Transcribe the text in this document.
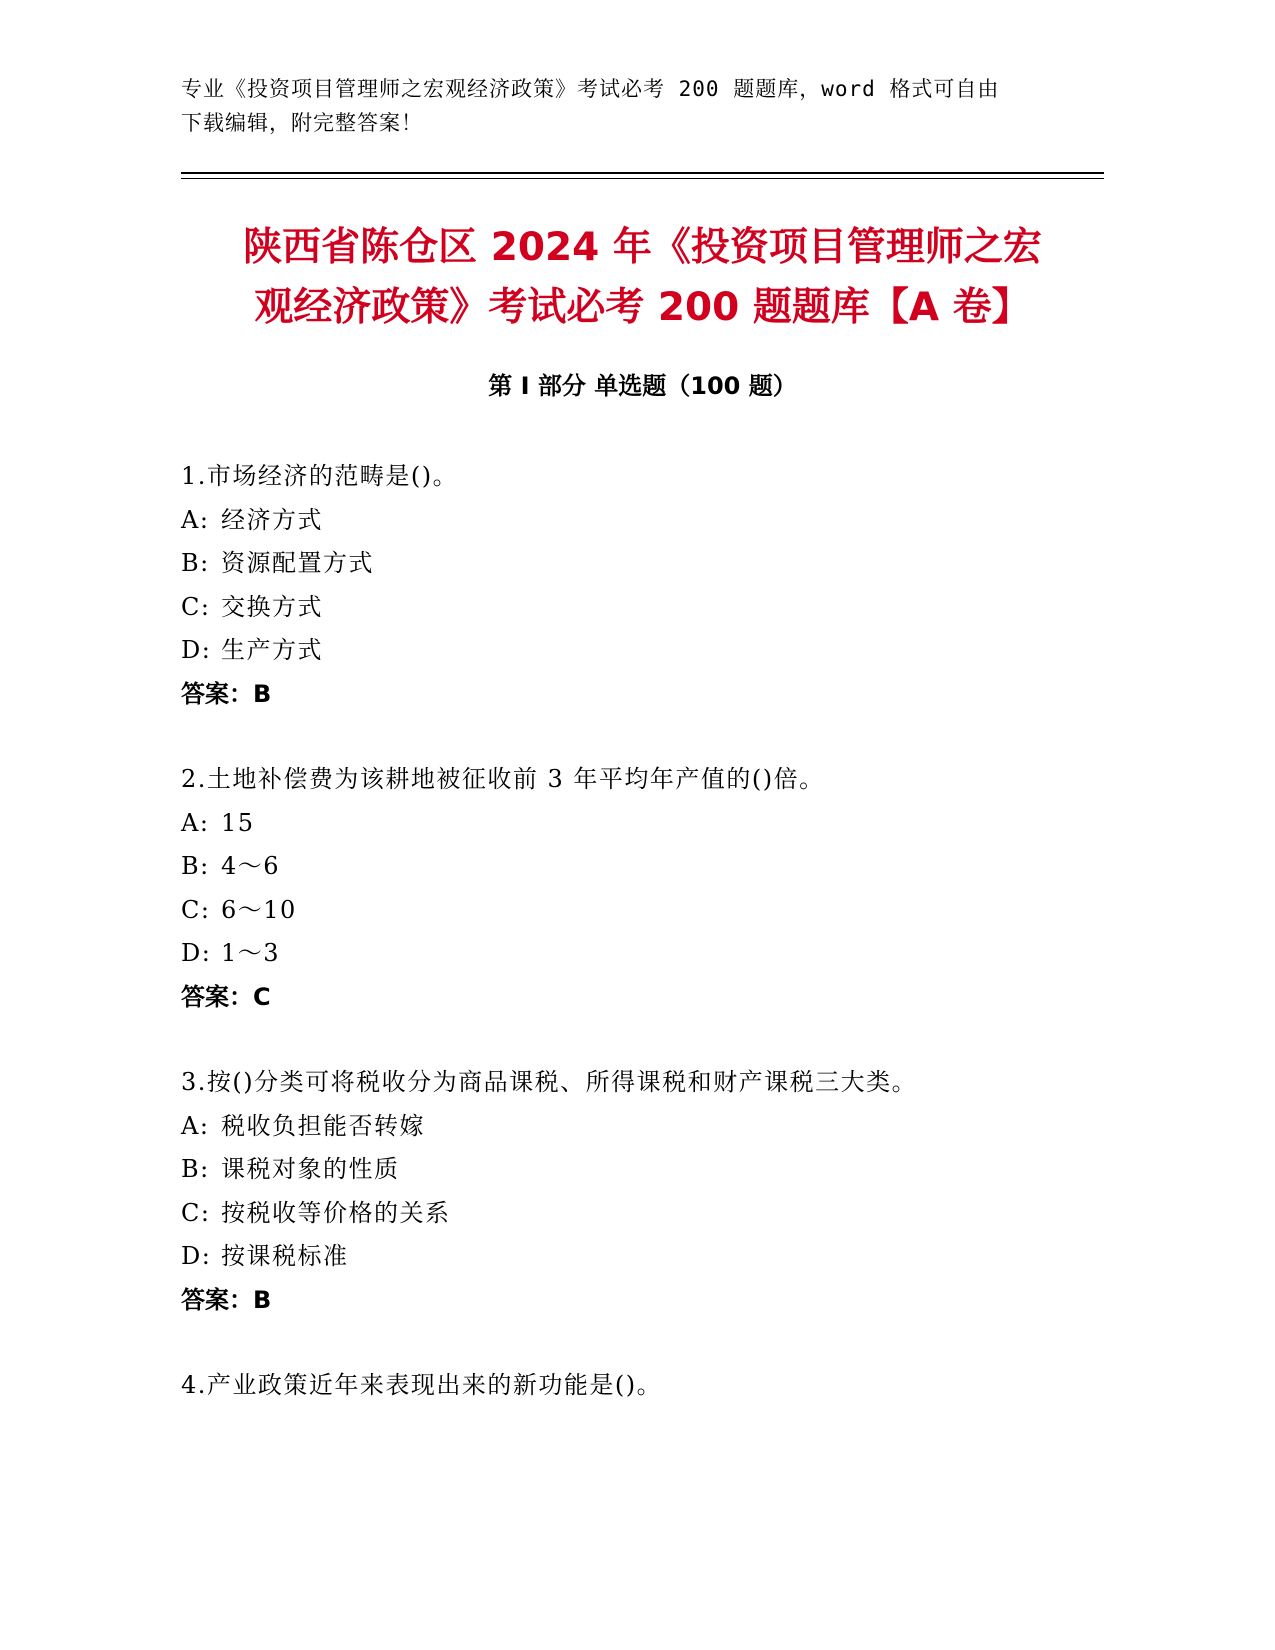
专业《投资项目管理师之宏观经济政策》考试必考 200 题题库，word 格式可自由
下载编辑，附完整答案！
陕西省陈仓区 2024 年《投资项目管理师之宏
观经济政策》考试必考 200 题题库【A 卷】
第 I 部分 单选题（100 题）
1.市场经济的范畴是()。
A: 经济方式
B: 资源配置方式
C: 交换方式
D: 生产方式
答案：B
2.土地补偿费为该耕地被征收前 3 年平均年产值的()倍。
A: 15
B: 4～6
C: 6～10
D: 1～3
答案：C
3.按()分类可将税收分为商品课税、所得课税和财产课税三大类。
A: 税收负担能否转嫁
B: 课税对象的性质
C: 按税收等价格的关系
D: 按课税标准
答案：B
4.产业政策近年来表现出来的新功能是()。
